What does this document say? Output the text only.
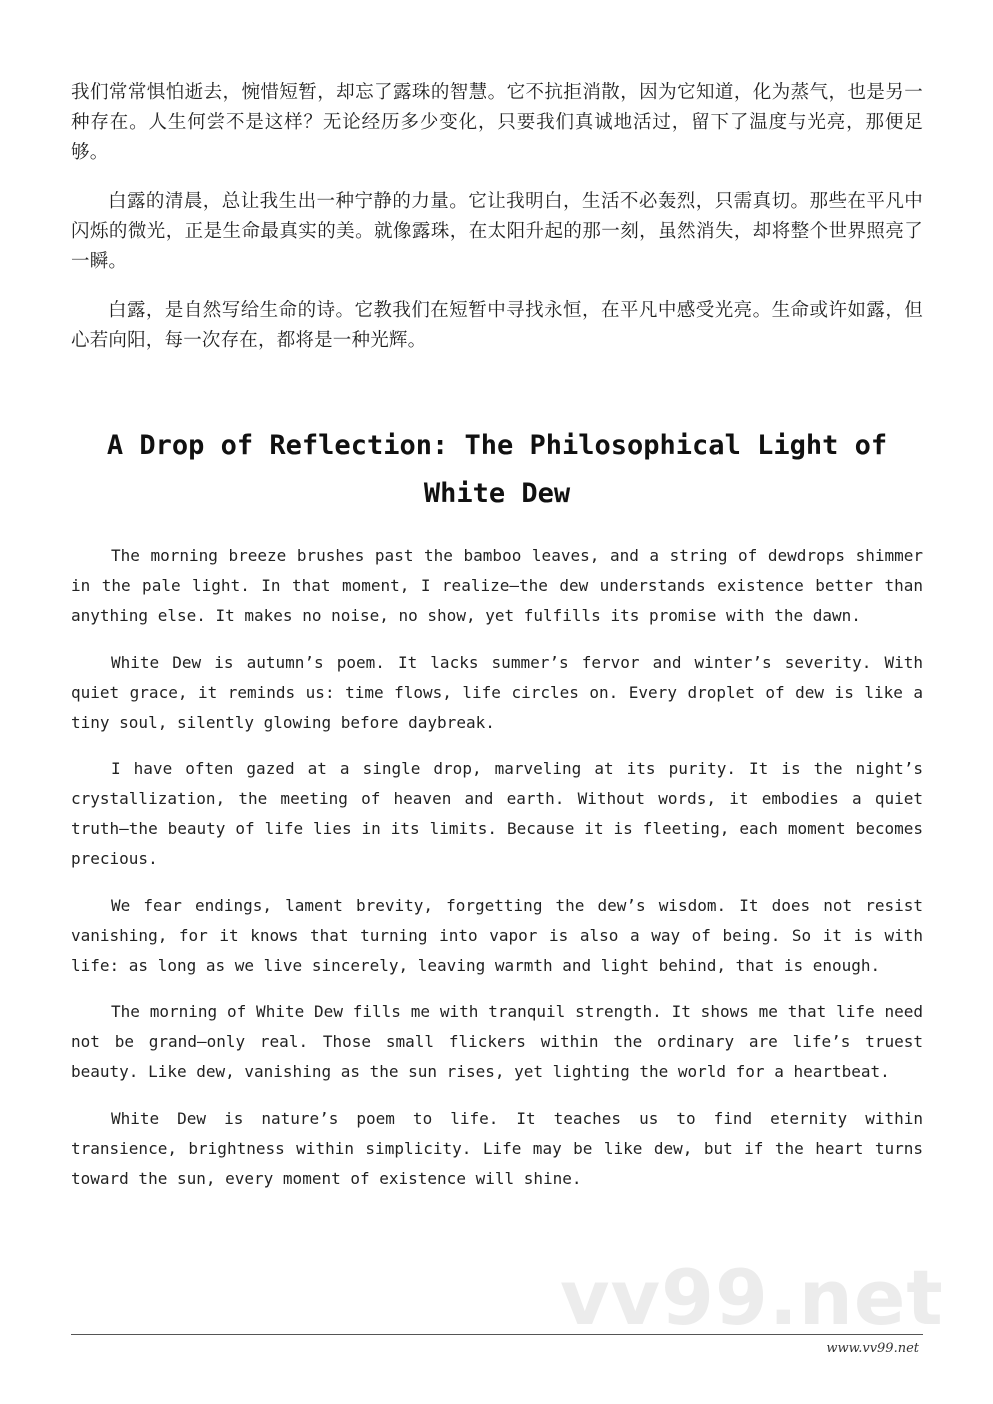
我们常常惧怕逝去，惋惜短暂，却忘了露珠的智慧。它不抗拒消散，因为它知道，化为蒸气，也是另一种存在。人生何尝不是这样？无论经历多少变化，只要我们真诚地活过，留下了温度与光亮，那便足够。

白露的清晨，总让我生出一种宁静的力量。它让我明白，生活不必轰烈，只需真切。那些在平凡中闪烁的微光，正是生命最真实的美。就像露珠，在太阳升起的那一刻，虽然消失，却将整个世界照亮了一瞬。

白露，是自然写给生命的诗。它教我们在短暂中寻找永恒，在平凡中感受光亮。生命或许如露，但心若向阳，每一次存在，都将是一种光辉。

A Drop of Reflection: The Philosophical Light of White Dew

The morning breeze brushes past the bamboo leaves, and a string of dewdrops shimmer in the pale light. In that moment, I realize—the dew understands existence better than anything else. It makes no noise, no show, yet fulfills its promise with the dawn.

White Dew is autumn’s poem. It lacks summer’s fervor and winter’s severity. With quiet grace, it reminds us: time flows, life circles on. Every droplet of dew is like a tiny soul, silently glowing before daybreak.

I have often gazed at a single drop, marveling at its purity. It is the night’s crystallization, the meeting of heaven and earth. Without words, it embodies a quiet truth—the beauty of life lies in its limits. Because it is fleeting, each moment becomes precious.

We fear endings, lament brevity, forgetting the dew’s wisdom. It does not resist vanishing, for it knows that turning into vapor is also a way of being. So it is with life: as long as we live sincerely, leaving warmth and light behind, that is enough.

The morning of White Dew fills me with tranquil strength. It shows me that life need not be grand—only real. Those small flickers within the ordinary are life’s truest beauty. Like dew, vanishing as the sun rises, yet lighting the world for a heartbeat.

White Dew is nature’s poem to life. It teaches us to find eternity within transience, brightness within simplicity. Life may be like dew, but if the heart turns toward the sun, every moment of existence will shine.

vv99.net
www.vv99.net
